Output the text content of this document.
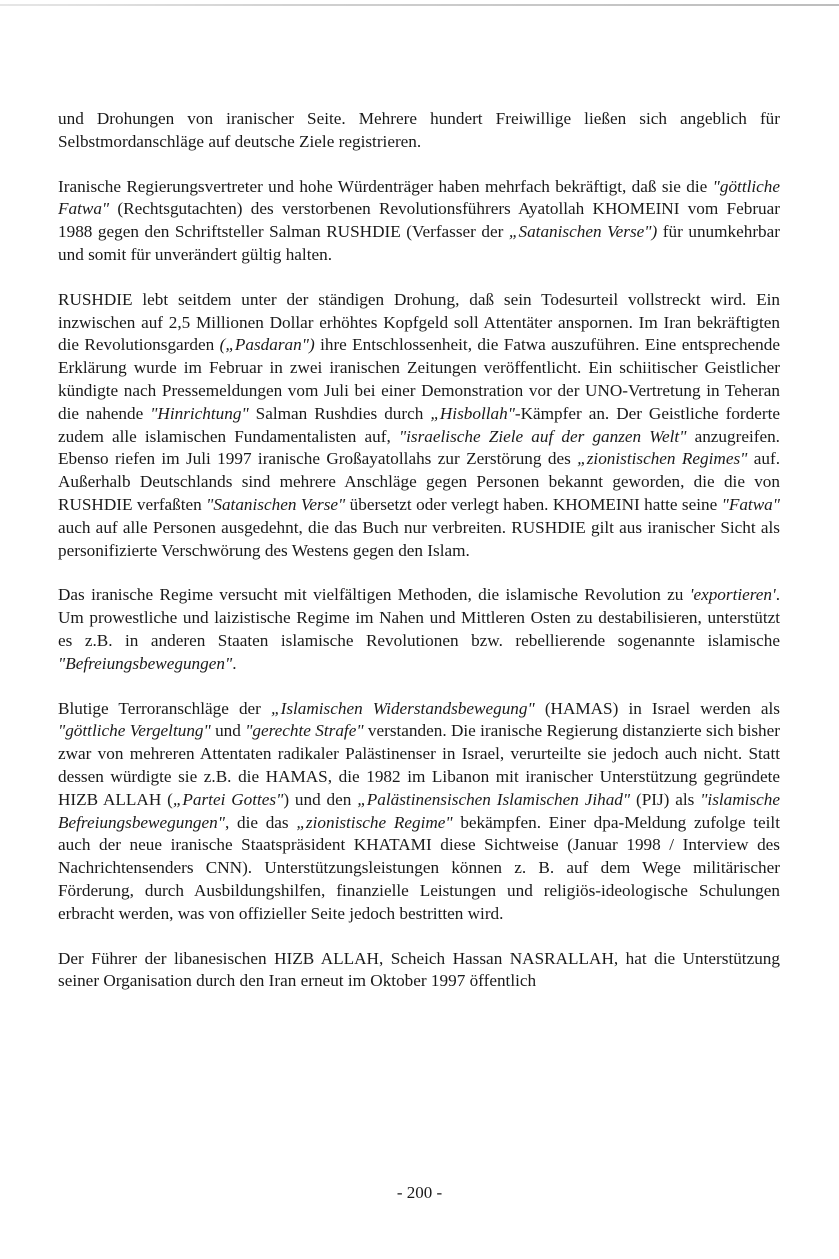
und Drohungen von iranischer Seite. Mehrere hundert Freiwillige ließen sich angeblich für Selbstmordanschläge auf deutsche Ziele registrieren.

Iranische Regierungsvertreter und hohe Würdenträger haben mehrfach bekräftigt, daß sie die "göttliche Fatwa" (Rechtsgutachten) des verstorbenen Revolutionsführers Ayatollah KHOMEINI vom Februar 1988 gegen den Schriftsteller Salman RUSHDIE (Verfasser der „Satanischen Verse") für unumkehrbar und somit für unverändert gültig halten.

RUSHDIE lebt seitdem unter der ständigen Drohung, daß sein Todesurteil vollstreckt wird. Ein inzwischen auf 2,5 Millionen Dollar erhöhtes Kopfgeld soll Attentäter anspornen. Im Iran bekräftigten die Revolutionsgarden („Pasdaran") ihre Entschlossenheit, die Fatwa auszuführen. Eine entsprechende Erklärung wurde im Februar in zwei iranischen Zeitungen veröffentlicht. Ein schiitischer Geistlicher kündigte nach Pressemeldungen vom Juli bei einer Demonstration vor der UNO-Vertretung in Teheran die nahende "Hinrichtung" Salman Rushdies durch „Hisbollah"-Kämpfer an. Der Geistliche forderte zudem alle islamischen Fundamentalisten auf, "israelische Ziele auf der ganzen Welt" anzugreifen. Ebenso riefen im Juli 1997 iranische Großayatollahs zur Zerstörung des „zionistischen Regimes" auf. Außerhalb Deutschlands sind mehrere Anschläge gegen Personen bekannt geworden, die die von RUSHDIE verfaßten "Satanischen Verse" übersetzt oder verlegt haben. KHOMEINI hatte seine "Fatwa" auch auf alle Personen ausgedehnt, die das Buch nur verbreiten. RUSHDIE gilt aus iranischer Sicht als personifizierte Verschwörung des Westens gegen den Islam.

Das iranische Regime versucht mit vielfältigen Methoden, die islamische Revolution zu 'exportieren'. Um prowestliche und laizistische Regime im Nahen und Mittleren Osten zu destabilisieren, unterstützt es z.B. in anderen Staaten islamische Revolutionen bzw. rebellierende sogenannte islamische "Befreiungsbewegungen".

Blutige Terroranschläge der „Islamischen Widerstandsbewegung" (HAMAS) in Israel werden als "göttliche Vergeltung" und "gerechte Strafe" verstanden. Die iranische Regierung distanzierte sich bisher zwar von mehreren Attentaten radikaler Palästinenser in Israel, verurteilte sie jedoch auch nicht. Statt dessen würdigte sie z.B. die HAMAS, die 1982 im Libanon mit iranischer Unterstützung gegründete HIZB ALLAH („Partei Gottes") und den „Palästinensischen Islamischen Jihad" (PIJ) als "islamische Befreiungsbewegungen", die das „zionistische Regime" bekämpfen. Einer dpa-Meldung zufolge teilt auch der neue iranische Staatspräsident KHATAMI diese Sichtweise (Januar 1998 / Interview des Nachrichtensenders CNN). Unterstützungsleistungen können z. B. auf dem Wege militärischer Förderung, durch Ausbildungshilfen, finanzielle Leistungen und religiös-ideologische Schulungen erbracht werden, was von offizieller Seite jedoch bestritten wird.

Der Führer der libanesischen HIZB ALLAH, Scheich Hassan NASRALLAH, hat die Unterstützung seiner Organisation durch den Iran erneut im Oktober 1997 öffentlich

- 200 -
